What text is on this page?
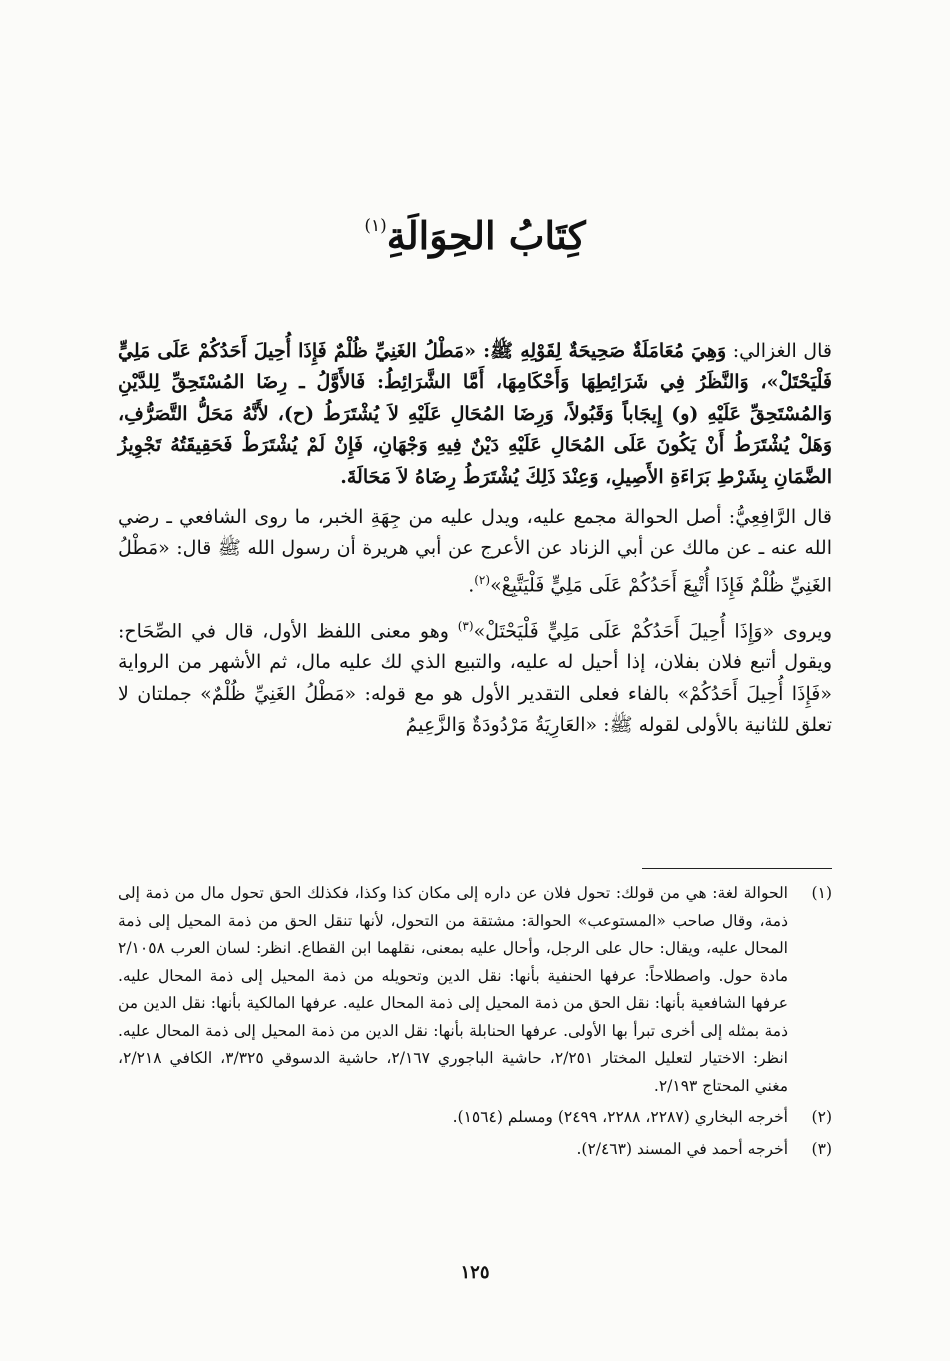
كِتَابُ الحِوَالَةِ$^{(١)}$

قال الغزالي: وَهِيَ مُعَامَلَةٌ صَحِيحَةٌ لِقَوْلِهِ ﷺ: «مَطْلُ الغَنِيِّ ظُلْمٌ فَإِذَا أُحِيلَ أَحَدُكُمْ عَلَى مَلِيٍّ فَلْيَحْتَلْ»، وَالنَّظَرُ فِي شَرَائِطِهَا وَأَحْكَامِهَا، أَمَّا الشَّرَائِطُ: فَالأَوَّلُ ـ رِضَا المُسْتَحِقِّ لِلدَّيْنِ وَالمُسْتَحِقِّ عَلَيْهِ (و) إِيجَاباً وَقَبُولاً، وَرِضَا المُحَالِ عَلَيْهِ لاَ يُشْتَرَطُ (ح)، لأَنَّهُ مَحَلُّ التَّصَرُّفِ، وَهَلْ يُشْتَرَطُ أَنْ يَكُونَ عَلَى المُحَالِ عَلَيْهِ دَيْنٌ فِيهِ وَجْهَانِ، فَإِنْ لَمْ يُشْتَرَطْ فَحَقِيقَتُهُ تَجْوِيزُ الضَّمَانِ بِشَرْطِ بَرَاءَةِ الأَصِيلِ، وَعِنْدَ ذَلِكَ يُشْتَرَطُ رِضَاهُ لاَ مَحَالَةَ.

قال الرَّافِعِيُّ: أصل الحوالة مجمع عليه، ويدل عليه من جِهَةِ الخبر، ما روى الشافعي ـ رضي الله عنه ـ عن مالك عن أبي الزناد عن الأعرج عن أبي هريرة أن رسول الله ﷺ قال: «مَطْلُ الغَنِيِّ ظُلْمٌ فَإِذَا أُتْبِعَ أَحَدُكُمْ عَلَى مَلِيٍّ فَلْيَتَّبِعْ»$^{(٢)}$.

ويروى «وَإِذَا أُحِيلَ أَحَدُكُمْ عَلَى مَلِيٍّ فَلْيَحْتَلْ»$^{(٣)}$ وهو معنى اللفظ الأول، قال في الصِّحَاح: ويقول أتبع فلان بفلان، إذا أحيل له عليه، والتبيع الذي لك عليه مال، ثم الأشهر من الرواية «فَإِذَا أُحِيلَ أَحَدُكُمْ» بالفاء فعلى التقدير الأول هو مع قوله: «مَطْلُ الغَنِيِّ ظُلْمٌ» جملتان لا تعلق للثانية بالأولى لقوله ﷺ: «العَارِيَةُ مَرْدُودَةٌ وَالزَّعِيمُ

(١)
الحوالة لغة: هي من قولك: تحول فلان عن داره إلى مكان كذا وكذا، فكذلك الحق تحول مال من ذمة إلى ذمة، وقال صاحب «المستوعب» الحوالة: مشتقة من التحول، لأنها تنقل الحق من ذمة المحيل إلى ذمة المحال عليه، ويقال: حال على الرجل، وأحال عليه بمعنى، نقلهما ابن القطاع. انظر: لسان العرب ٢/١٠٥٨ مادة حول. واصطلاحاً: عرفها الحنفية بأنها: نقل الدين وتحويله من ذمة المحيل إلى ذمة المحال عليه. عرفها الشافعية بأنها: نقل الحق من ذمة المحيل إلى ذمة المحال عليه. عرفها المالكية بأنها: نقل الدين من ذمة بمثله إلى أخرى تبرأ بها الأولى. عرفها الحنابلة بأنها: نقل الدين من ذمة المحيل إلى ذمة المحال عليه. انظر: الاختيار لتعليل المختار ٢/٢٥١، حاشية الباجوري ٢/١٦٧، حاشية الدسوقي ٣/٣٢٥، الكافي ٢/٢١٨، مغني المحتاج ٢/١٩٣.
(٢)
أخرجه البخاري (٢٢٨٧، ٢٢٨٨، ٢٤٩٩) ومسلم (١٥٦٤).
(٣)
أخرجه أحمد في المسند (٢/٤٦٣).
١٢٥
